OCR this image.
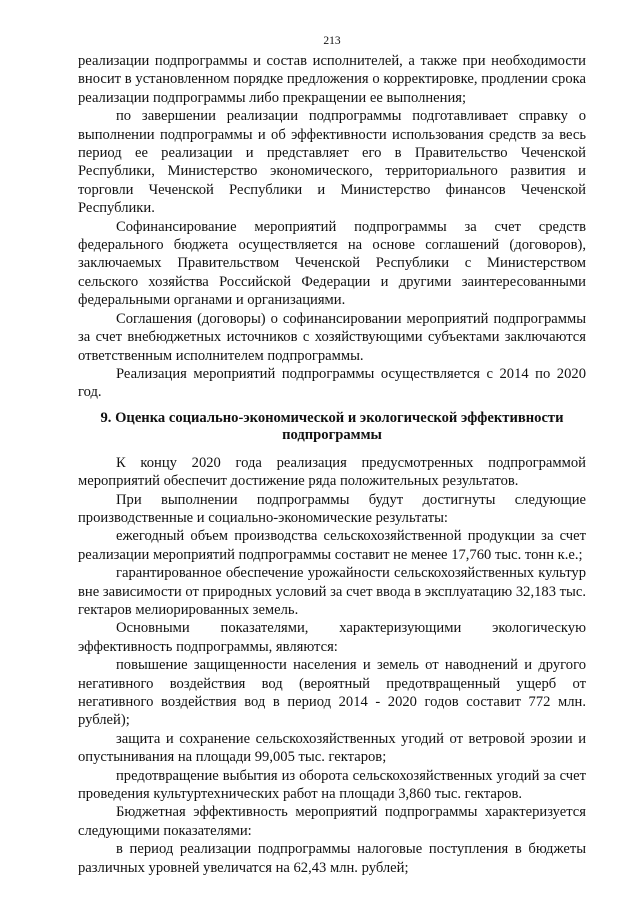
213

реализации подпрограммы и состав исполнителей, а также при необходимости вносит в установленном порядке предложения о корректировке, продлении срока реализации подпрограммы либо прекращении ее выполнения;

по завершении реализации подпрограммы подготавливает справку о выполнении подпрограммы и об эффективности использования средств за весь период ее реализации и представляет его в Правительство Чеченской Республики, Министерство экономического, территориального развития и торговли Чеченской Республики и Министерство финансов Чеченской Республики.

Софинансирование мероприятий подпрограммы за счет средств федерального бюджета осуществляется на основе соглашений (договоров), заключаемых Правительством Чеченской Республики с Министерством сельского хозяйства Российской Федерации и другими заинтересованными федеральными органами и организациями.

Соглашения (договоры) о софинансировании мероприятий подпрограммы за счет внебюджетных источников с хозяйствующими субъектами заключаются ответственным исполнителем подпрограммы.

Реализация мероприятий подпрограммы осуществляется с 2014 по 2020 год.

9. Оценка социально-экономической и экологической эффективности подпрограммы

К концу 2020 года реализация предусмотренных подпрограммой мероприятий обеспечит достижение ряда положительных результатов.

При выполнении подпрограммы будут достигнуты следующие производственные и социально-экономические результаты:

ежегодный объем производства сельскохозяйственной продукции за счет реализации мероприятий подпрограммы составит не менее 17,760 тыс. тонн к.е.;

гарантированное обеспечение урожайности сельскохозяйственных культур вне зависимости от природных условий за счет ввода в эксплуатацию 32,183 тыс. гектаров мелиорированных земель.

Основными показателями, характеризующими экологическую эффективность подпрограммы, являются:

повышение защищенности населения и земель от наводнений и другого негативного воздействия вод (вероятный предотвращенный ущерб от негативного воздействия вод в период 2014 - 2020 годов составит 772 млн. рублей);

защита и сохранение сельскохозяйственных угодий от ветровой эрозии и опустынивания на площади 99,005 тыс. гектаров;

предотвращение выбытия из оборота сельскохозяйственных угодий за счет проведения культуртехнических работ на площади 3,860 тыс. гектаров.

Бюджетная эффективность мероприятий подпрограммы характеризуется следующими показателями:

в период реализации подпрограммы налоговые поступления в бюджеты различных уровней увеличатся на 62,43 млн. рублей;
